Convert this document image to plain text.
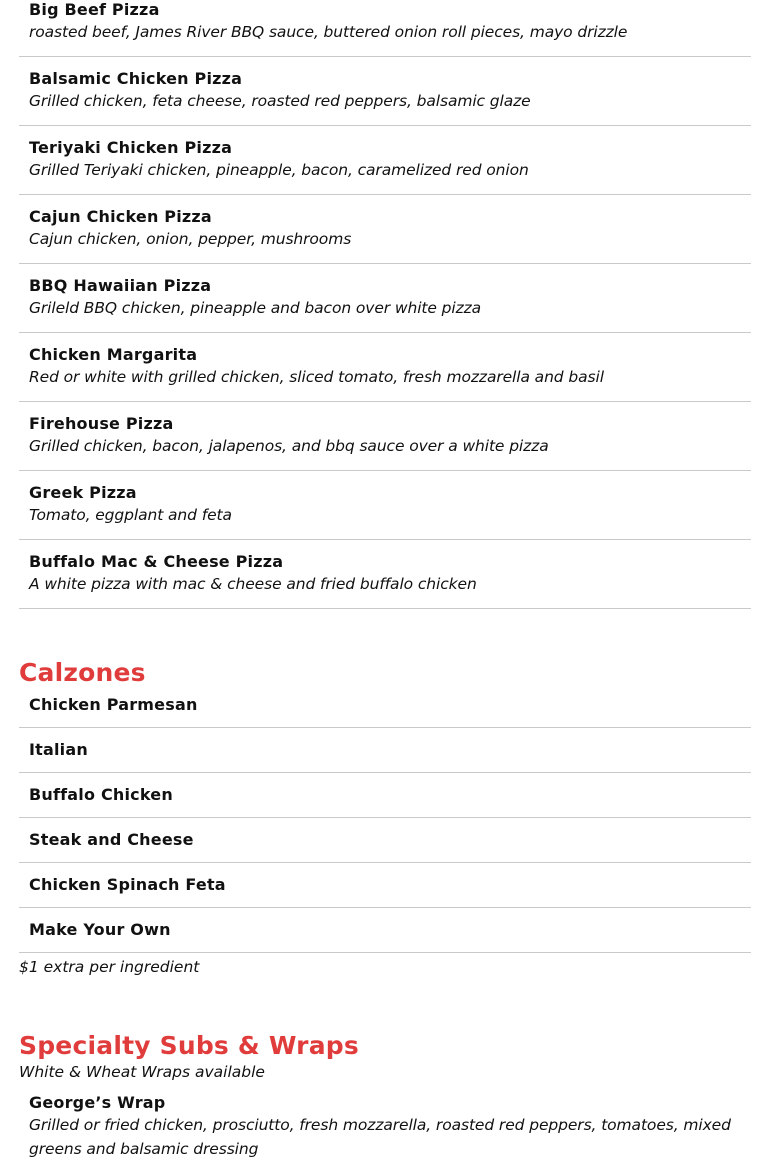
Big Beef Pizza

roasted beef, James River BBQ sauce, buttered onion roll pieces, mayo drizzle

Balsamic Chicken Pizza

Grilled chicken, feta cheese, roasted red peppers, balsamic glaze

Teriyaki Chicken Pizza

Grilled Teriyaki chicken, pineapple, bacon, caramelized red onion

Cajun Chicken Pizza

Cajun chicken, onion, pepper, mushrooms

BBQ Hawaiian Pizza

Grileld BBQ chicken, pineapple and bacon over white pizza

Chicken Margarita

Red or white with grilled chicken, sliced tomato, fresh mozzarella and basil

Firehouse Pizza

Grilled chicken, bacon, jalapenos, and bbq sauce over a white pizza

Greek Pizza

Tomato, eggplant and feta

Buffalo Mac & Cheese Pizza

A white pizza with mac & cheese and fried buffalo chicken

Calzones

Chicken Parmesan

Italian

Buffalo Chicken

Steak and Cheese

Chicken Spinach Feta

Make Your Own

$1 extra per ingredient

Specialty Subs & Wraps

White & Wheat Wraps available

George’s Wrap

Grilled or fried chicken, prosciutto, fresh mozzarella, roasted red peppers, tomatoes, mixed greens and balsamic dressing
